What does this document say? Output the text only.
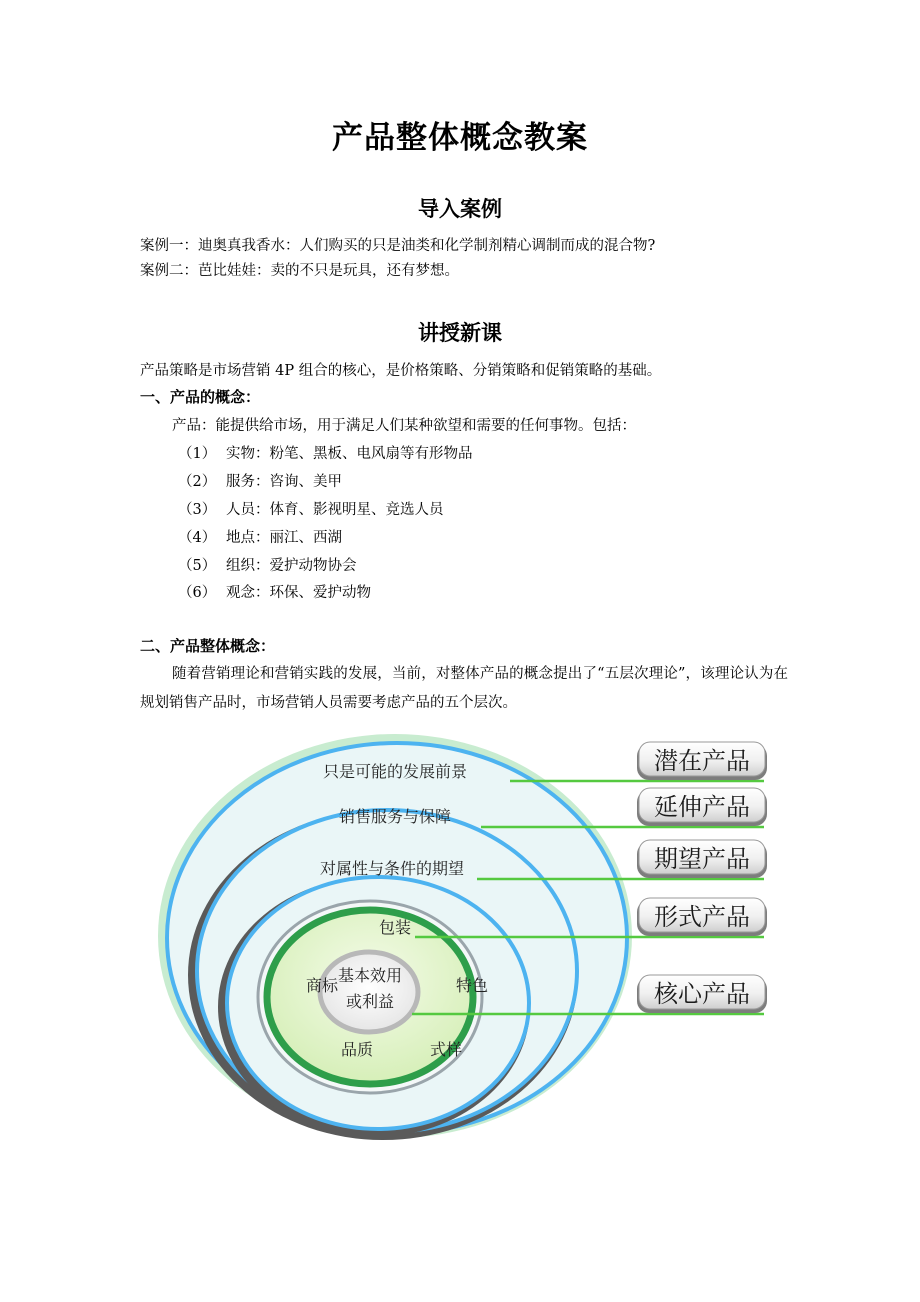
产品整体概念教案
导入案例

案例一：迪奥真我香水：人们购买的只是油类和化学制剂精心调制而成的混合物?

案例二：芭比娃娃：卖的不只是玩具，还有梦想。

讲授新课

产品策略是市场营销 4P 组合的核心，是价格策略、分销策略和促销策略的基础。

一、产品的概念：

产品：能提供给市场，用于满足人们某种欲望和需要的任何事物。包括：

（1） 实物：粉笔、黑板、电风扇等有形物品
（2） 服务：咨询、美甲
（3） 人员：体育、影视明星、竞选人员
（4） 地点：丽江、西湖
（5） 组织：爱护动物协会
（6） 观念：环保、爱护动物

二、产品整体概念：

随着营销理论和营销实践的发展，当前，对整体产品的概念提出了“五层次理论”，该理论认为在规划销售产品时，市场营销人员需要考虑产品的五个层次。

只是可能的发展前景
销售服务与保障
对属性与条件的期望
包装
商标	特色
品质	式样
基本效用
或利益
潜在产品
延伸产品
期望产品
形式产品
核心产品
